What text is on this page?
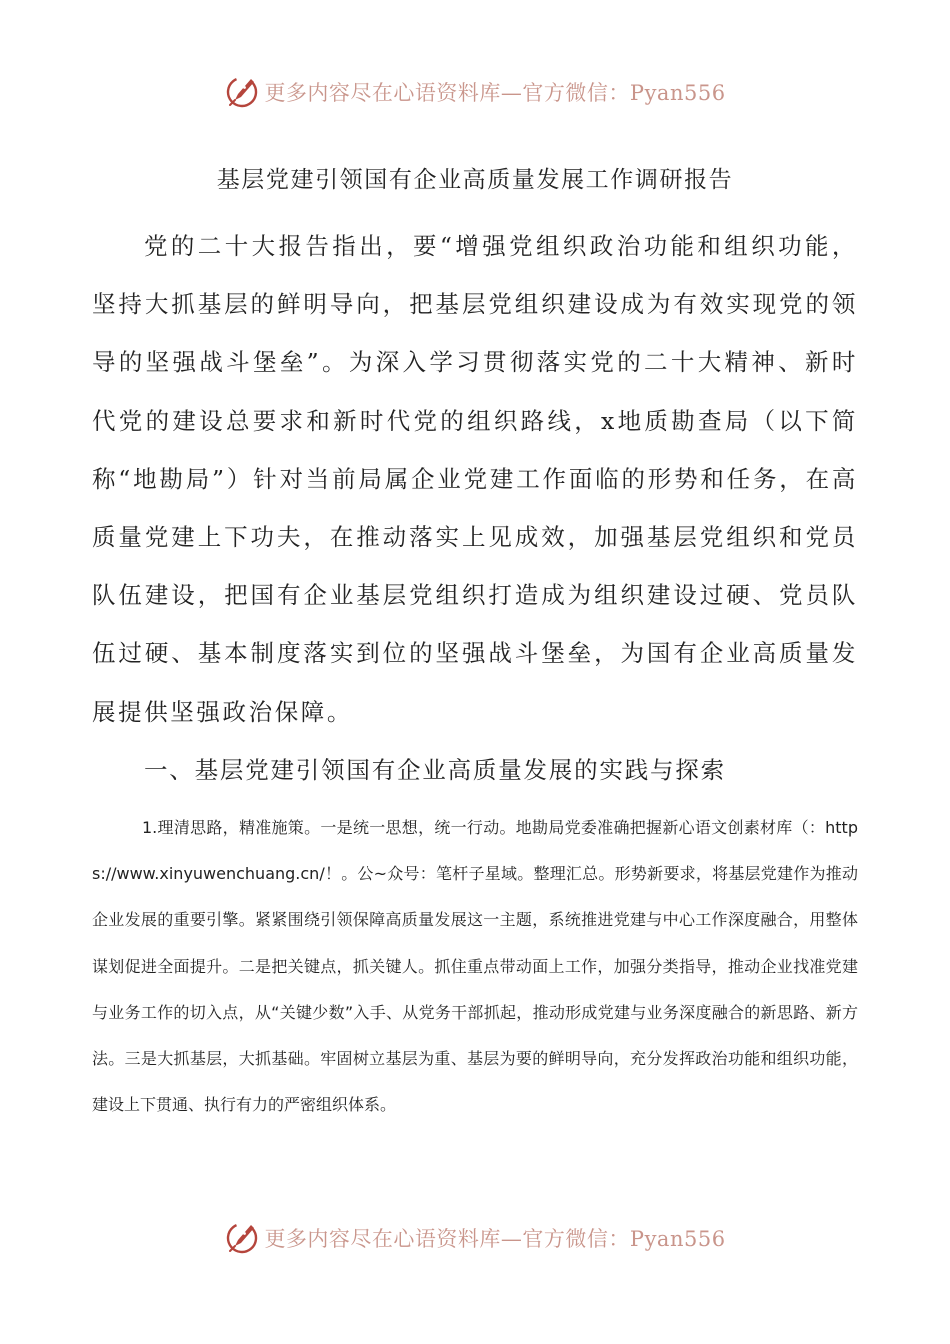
更多内容尽在心语资料库—官方微信：Pyan556
基层党建引领国有企业高质量发展工作调研报告

党的二十大报告指出，要“增强党组织政治功能和组织功能，坚持大抓基层的鲜明导向，把基层党组织建设成为有效实现党的领导的坚强战斗堡垒”。为深入学习贯彻落实党的二十大精神、新时代党的建设总要求和新时代党的组织路线，x地质勘查局（以下简称“地勘局”）针对当前局属企业党建工作面临的形势和任务，在高质量党建上下功夫，在推动落实上见成效，加强基层党组织和党员队伍建设，把国有企业基层党组织打造成为组织建设过硬、党员队伍过硬、基本制度落实到位的坚强战斗堡垒，为国有企业高质量发展提供坚强政治保障。

一、基层党建引领国有企业高质量发展的实践与探索

1.理清思路，精准施策。一是统一思想，统一行动。地勘局党委准确把握新心语文创素材库（：https://www.xinyuwenchuang.cn/！。公~众号：笔杆子星域。整理汇总。形势新要求，将基层党建作为推动企业发展的重要引擎。紧紧围绕引领保障高质量发展这一主题，系统推进党建与中心工作深度融合，用整体谋划促进全面提升。二是把关键点，抓关键人。抓住重点带动面上工作，加强分类指导，推动企业找准党建与业务工作的切入点，从“关键少数”入手、从党务干部抓起，推动形成党建与业务深度融合的新思路、新方法。三是大抓基层，大抓基础。牢固树立基层为重、基层为要的鲜明导向，充分发挥政治功能和组织功能，建设上下贯通、执行有力的严密组织体系。

更多内容尽在心语资料库—官方微信：Pyan556
